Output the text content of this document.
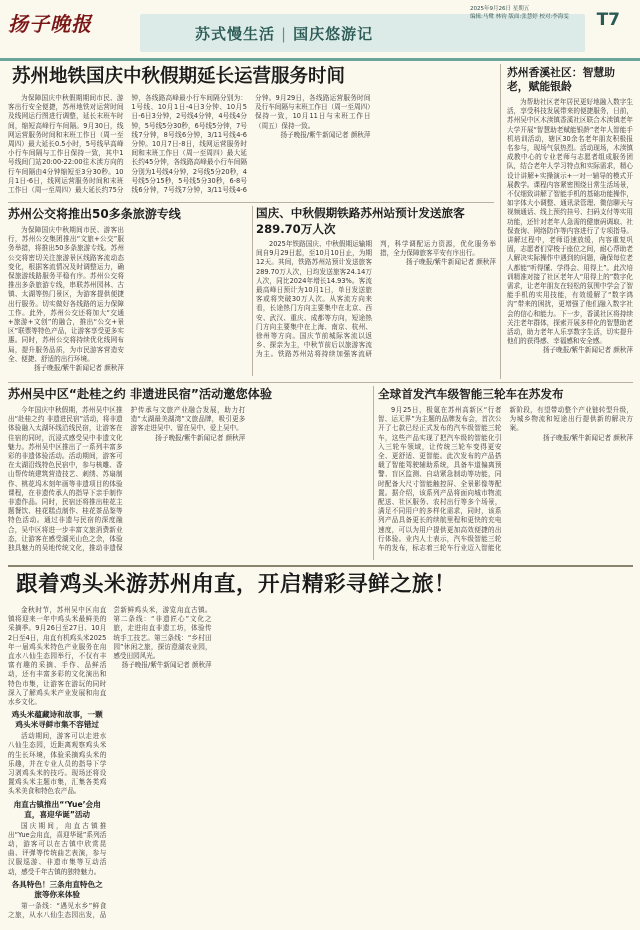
扬子晚报	苏式慢生活 | 国庆悠游记
2025年9月26日 星期五
编辑:马鹭 林钧 版面:张慧婷 校对:李海雯 T7
苏州地铁国庆中秋假期延长运营服务时间

为保障国庆中秋假期期间市民、游客出行安全便捷，苏州地铁对运营时间及线网运行图进行调整，延长末班车时间，缩短高峰行车间隔。9月30日，线网运营服务时间和末班工作日（周一至周四）最大延长0.5小时，5号线早高峰小行车间隔与工作日保持一致，其中1号线间门站20:00-22:00往木渎方向的行车间隔由4分钟缩短至3分30秒。10月1日-6日，线网运营服务时间和末班工作日（周一至周四）最大延长约75分钟，各线路高峰最小行车间隔分别为：1号线、10月1日-4日3分钟、10月5日-6日3分钟，2号线4分钟，4号线4分钟，5号线5分30秒，6号线5分钟，7号线7分钟，8号线6分钟，3/11号线4-6分钟。10月7日-8日，线网运营服务时间和末班工作日（周一至周四）最大延长约45分钟，各线路高峰最小行车间隔分别为1号线4分钟，2号线5分20秒，4号线5分15秒，5号线5分30秒，6-8号线6分钟，7号线7分钟，3/11号线4-6分钟。9月29日，各线路运营服务时间及行车间隔与末班工作日（周一至周四）保持一致，10月11日与末班工作日（周五）保持一致。

扬子晚报/紫牛新闻记者 颜秋萍
苏州香溪社区：智慧助老，赋能银龄

为帮助社区老年居民更好地融入数字生活，享受科技发展带来的便捷服务，日前，苏州吴中区木渎镇香溪社区联合木渎镇老年大学开展“智慧助老赋能银龄”老年人智能手机培训活动，辖区30余名老年朋友积极报名参与，现场气氛热烈。活动现场，木渎镇成教中心的专业老师与志愿者组成服务团队，结合老年人学习特点和实际需求，精心设计讲解+实操演示+一对一辅导的模式开展教学。课程内容紧密围绕日常生活场景，不仅细致讲解了智能手机的基础功能操作，如字体大小调整、通讯录管理、微信聊天与视频通话、线上预约挂号、扫码支付等实用功能，还针对老年人急需的健康码调取、社保查询、网络防诈等内容进行了专项指导。讲解过程中，老师语速放缓，内容重复巩固，志愿者们穿梭于座位之间，耐心帮助老人解决实际操作中遇到的问题，确保每位老人都能“听得懂、学得会、用得上”。此次培训精准对接了社区老年人“用得上的”数字化需求，让老年朋友在轻松的氛围中学会了智能手机的实用技能，有效缓解了“数字鸿沟”带来的困扰，更增强了他们融入数字社会的信心和能力。下一步，香溪社区将持续关注老年群体，探索开展多样化的智慧助老活动，助力老年人乐享数字生活，切实提升他们的获得感、幸福感和安全感。

扬子晚报/紫牛新闻记者 颜秋萍
苏州公交将推出50多条旅游专线

为保障国庆中秋期间市民、游客出行，苏州公交集团推出“文旅+公交”服务举措，将推出50多条旅游专线。苏州公交将密切关注旅游景区线路客流动态变化，根据客流情况及时调整运力，确保旅游线路服务平稳有序。苏州公交将推出多条旅游专线，串联苏州园林、古镇、太湖等热门景区，为游客提供便捷出行服务。切实做好各线路的运力保障工作。此外，苏州公交还将加大“交通+旅游+文创”的融合，推出“公交+景区”联票等特色产品，让游客享受更多实惠。同时，苏州公交将持续优化线网布局，提升服务品质，为市民游客营造安全、便捷、舒适的出行环境。

扬子晚报/紫牛新闻记者 颜秋萍
国庆、中秋假期铁路苏州站预计发送旅客289.70万人次

2025年铁路国庆、中秋假期运输期间自9月29日起，至10月10日止，为期12天。其间，铁路苏州站预计发送旅客289.70万人次，日均发送旅客24.14万人次，同比2024年增长14.93%。客流最高峰日预计为10月1日，单日发送旅客或将突破30万人次。从客流方向来看，长途热门方向主要集中在北京、西安、武汉、重庆、成都等方向，短途热门方向主要集中在上海、南京、杭州、徐州等方向。国庆节前城际客流以返乡、探亲为主，中秋节前后以旅游客流为主。铁路苏州站将持续加强客流研判，科学调配运力资源，优化服务举措，全力保障旅客平安有序出行。

扬子晚报/紫牛新闻记者 颜秋萍
苏州吴中区“赴桂之约 非遗进民宿”活动邀您体验

今年国庆中秋假期，苏州吴中区推出“赴桂之约 非遗进民宿”活动，将非遗体验融入太湖环线沿线民宿，让游客在住宿的同时，沉浸式感受吴中非遗文化魅力。苏州吴中区推出了一系列丰富多彩的非遗体验活动。活动期间，游客可在太湖沿线特色民宿中，参与核雕、香山帮传统建筑营造技艺、刺绣、苏扇制作、桃花坞木刻年画等非遗项目的体验课程，在非遗传承人的指导下亲手制作非遗作品。同时，民宿还将推出桂花主题餐饮、桂花糕点制作、桂花茶品鉴等特色活动。通过非遗与民宿的深度融合，吴中区将进一步丰富文旅消费新业态，让游客在感受湖光山色之余，体验独具魅力的吴地传统文化，推动非遗保护传承与文旅产业融合发展，助力打造“太湖最美湖湾”文旅品牌，吸引更多游客走进吴中、留在吴中、爱上吴中。

扬子晚报/紫牛新闻记者 颜秋萍
全球首发汽车级智能三轮车在苏发布

9月25日，极氪在苏州高新区“行者智、运无界”为主题的品牌发布会，首次公开了七款已经正式发布的汽车级智能三轮车，这些产品实现了把汽车级的智能化引入三轮车领域，让传统三轮车变得更安全、更舒适、更智能。此次发布的产品搭载了智能驾驶辅助系统，具备车道偏离预警、盲区监测、自动紧急制动等功能，同时配备大尺寸智能触控屏、全景影像等配置。据介绍，该系列产品将面向城市物流配送、社区服务、农村出行等多个场景，满足不同用户的多样化需求，同时，该系列产品具备更长的续航里程和更快的充电速度，可以为用户提供更加高效便捷的出行体验。业内人士表示，汽车级智能三轮车的发布，标志着三轮车行业迈入智能化新阶段，有望带动整个产业链转型升级，为城乡物流和短途出行提供新的解决方案。

扬子晚报/紫牛新闻记者 颜秋萍
跟着鸡头米游苏州甪直，开启精彩寻鲜之旅！

金秋时节，苏州吴中区甪直镇将迎来一年中鸡头米最鲜美的采摘季。9月26日至27日、10月2日至4日，甪直有机鸡头米2025年一届鸡头米特色产业服务在甪直水八仙生态园举行，不仅有丰富有趣的采摘、手作、品鲜活动，还有丰富多彩的文化演出和特色市集，让游客在游玩的同时深入了解鸡头米产业发展和甪直水乡文化。

鸡头米蕴藏诗和故事，一颗鸡头米寻鲜市集不容错过

活动期间，游客可以走进水八仙生态园，近距离观察鸡头米的生长环境，体验采摘鸡头米的乐趣，并在专业人员的指导下学习剥鸡头米的技巧。现场还将设置鸡头米主题市集，汇集各类鸡头米美食和特色农产品。

甪直古镇推出“‘Yue’会甪直，喜迎华诞”活动

国庆期间，甪直古镇推出“Yue会甪直，喜迎华诞”系列活动，游客可以在古镇中欣赏昆曲、评弹等传统曲艺表演，参与汉服巡游、非遗市集等互动活动，感受千年古镇的独特魅力。

各具特色！三条甪直特色之旅等你来体验

第一条线：“遇见水乡”鲜食之旅，从水八仙生态园出发，品尝新鲜鸡头米，游览甪直古镇。第二条线：“非遗匠心”文化之旅，走进甪直非遗工坊，体验传统手工技艺。第三条线：“乡村田园”休闲之旅，探访澄湖农业园，感受田园风光。

扬子晚报/紫牛新闻记者 颜秋萍
